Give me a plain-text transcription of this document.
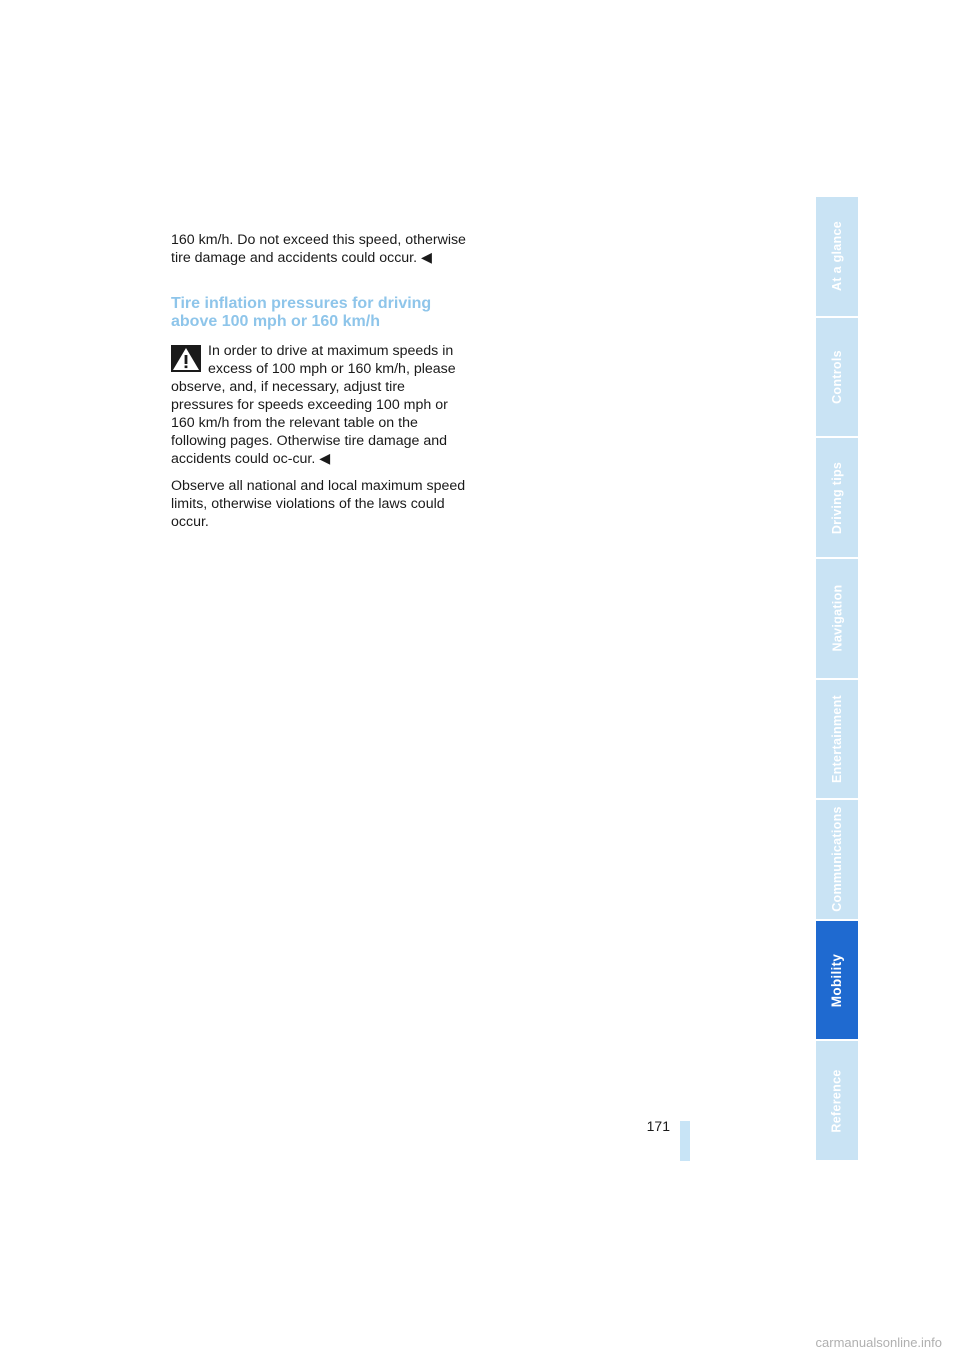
160 km/h. Do not exceed this speed, otherwise
tire damage and accidents could occur. ◀

Tire inflation pressures for driving
above 100 mph or 160 km/h

In order to drive at maximum speeds in
excess of 100 mph or 160 km/h, please
observe, and, if necessary, adjust tire pressures for speeds exceeding 100 mph or 160 km/h from the relevant table on the following pages. Otherwise tire damage and accidents could oc-cur. ◀

Observe all national and local maximum speed limits, otherwise violations of the laws could occur.

171
At a glance
Controls
Driving tips
Navigation
Entertainment
Communications
Mobility
Reference
carmanualsonline.info
